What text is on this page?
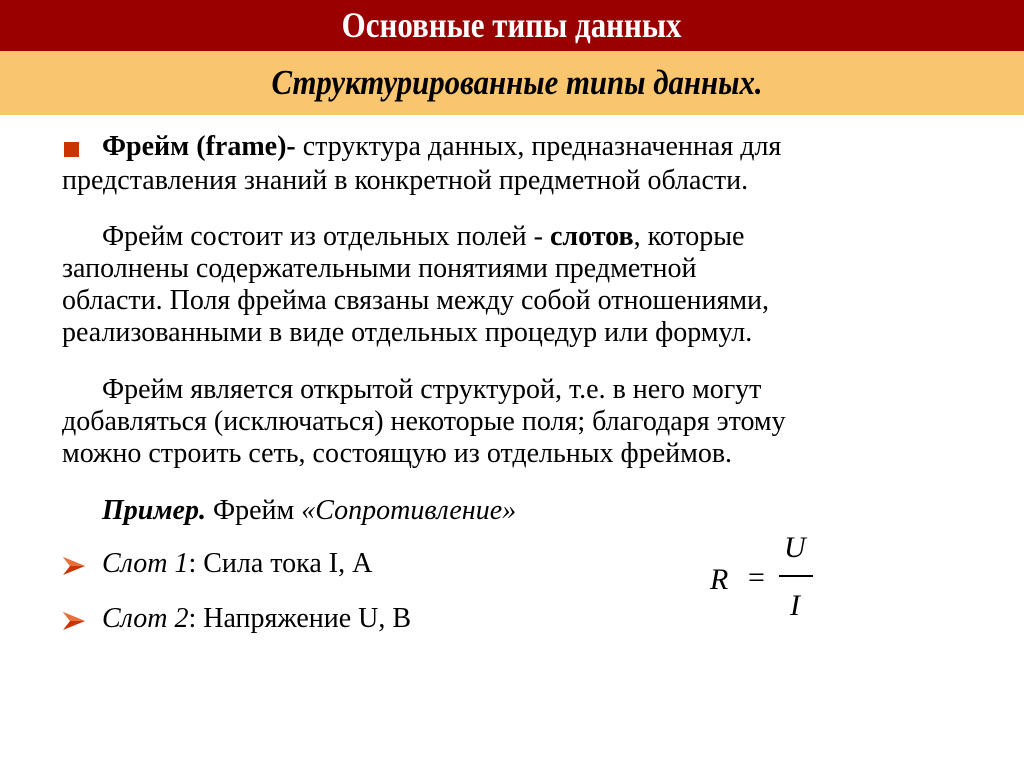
Основные типы данных
Структурированные типы данных.
Фрейм (frame)- структура данных, предназначенная для
представления знаний в конкретной предметной области.
Фрейм состоит из отдельных полей - слотов, которые
заполнены содержательными понятиями предметной
области. Поля фрейма связаны между собой отношениями,
реализованными в виде отдельных процедур или формул.
Фрейм является открытой структурой, т.е. в него могут
добавляться (исключаться) некоторые поля; благодаря этому
можно строить сеть, состоящую из отдельных фреймов.
Пример. Фрейм «Сопротивление»
Слот 1: Сила тока I, А
Слот 2: Напряжение U, В
R =
U
I
